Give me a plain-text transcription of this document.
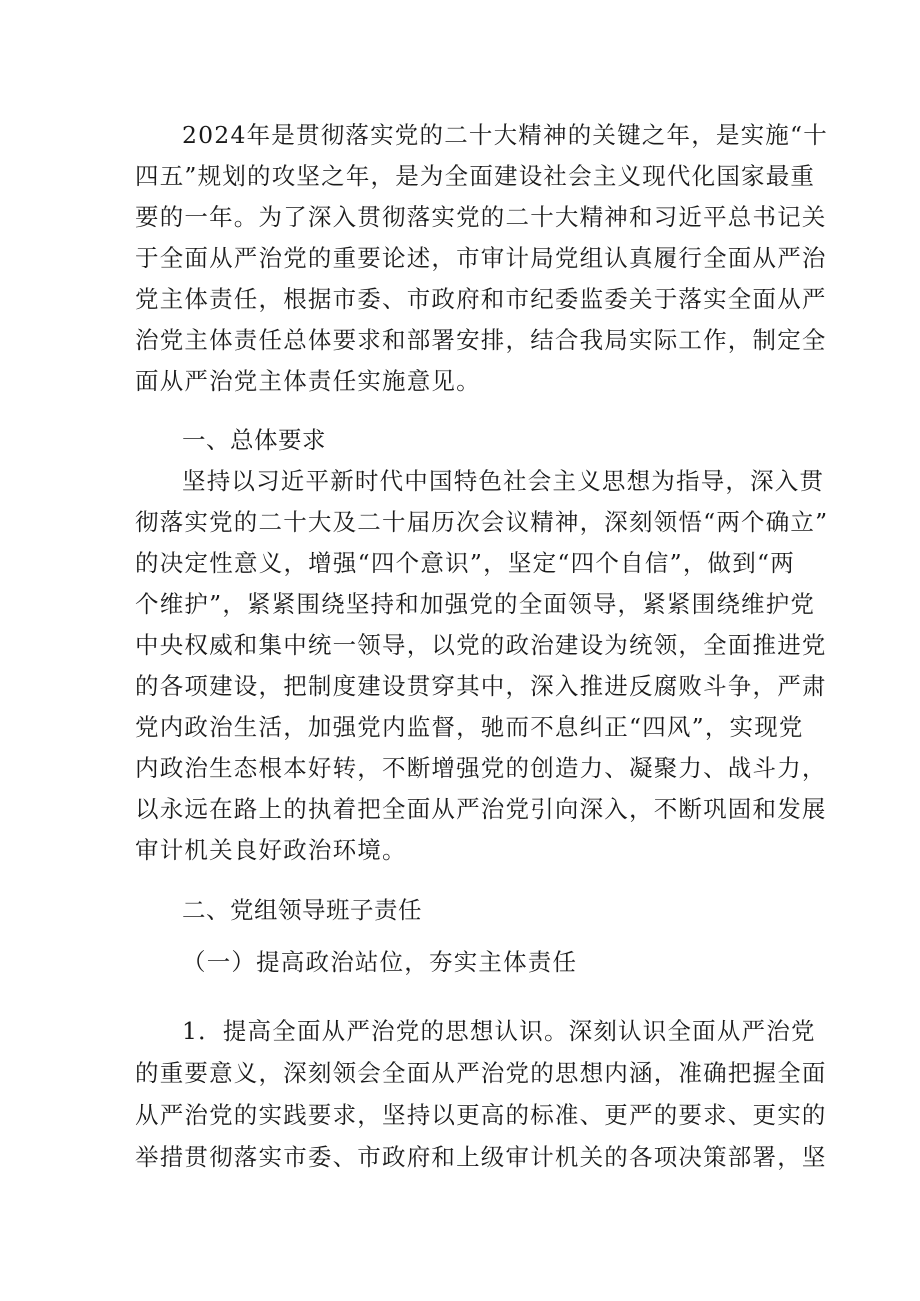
2024年是贯彻落实党的二十大精神的关键之年，是实施“十
四五”规划的攻坚之年，是为全面建设社会主义现代化国家最重
要的一年。为了深入贯彻落实党的二十大精神和习近平总书记关
于全面从严治党的重要论述，市审计局党组认真履行全面从严治
党主体责任，根据市委、市政府和市纪委监委关于落实全面从严
治党主体责任总体要求和部署安排，结合我局实际工作，制定全
面从严治党主体责任实施意见。
一、总体要求
坚持以习近平新时代中国特色社会主义思想为指导，深入贯
彻落实党的二十大及二十届历次会议精神，深刻领悟“两个确立”
的决定性意义，增强“四个意识”，坚定“四个自信”，做到“两
个维护”，紧紧围绕坚持和加强党的全面领导，紧紧围绕维护党
中央权威和集中统一领导，以党的政治建设为统领，全面推进党
的各项建设，把制度建设贯穿其中，深入推进反腐败斗争，严肃
党内政治生活，加强党内监督，驰而不息纠正“四风”，实现党
内政治生态根本好转，不断增强党的创造力、凝聚力、战斗力，
以永远在路上的执着把全面从严治党引向深入，不断巩固和发展
审计机关良好政治环境。
二、党组领导班子责任
（一）提高政治站位，夯实主体责任
1．提高全面从严治党的思想认识。深刻认识全面从严治党
的重要意义，深刻领会全面从严治党的思想内涵，准确把握全面
从严治党的实践要求，坚持以更高的标准、更严的要求、更实的
举措贯彻落实市委、市政府和上级审计机关的各项决策部署，坚
